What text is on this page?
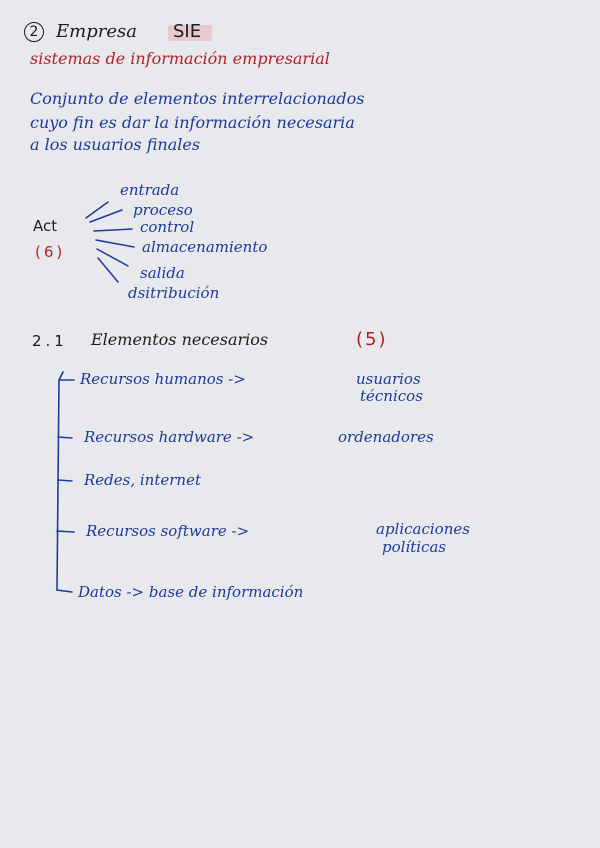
2 Empresa SIE
sistemas de información empresarial
Conjunto de elementos interrelacionados
cuyo fin es dar la información necesaria
a los usuarios finales
Act
(6)
entrada
proceso
control
almacenamiento
salida
dsitribución
2.1 Elementos necesarios	(5)
Recursos humanos ->	usuarios
técnicos
Recursos hardware ->	ordenadores
Redes, internet
Recursos software ->	aplicaciones
políticas
Datos -> base de información
